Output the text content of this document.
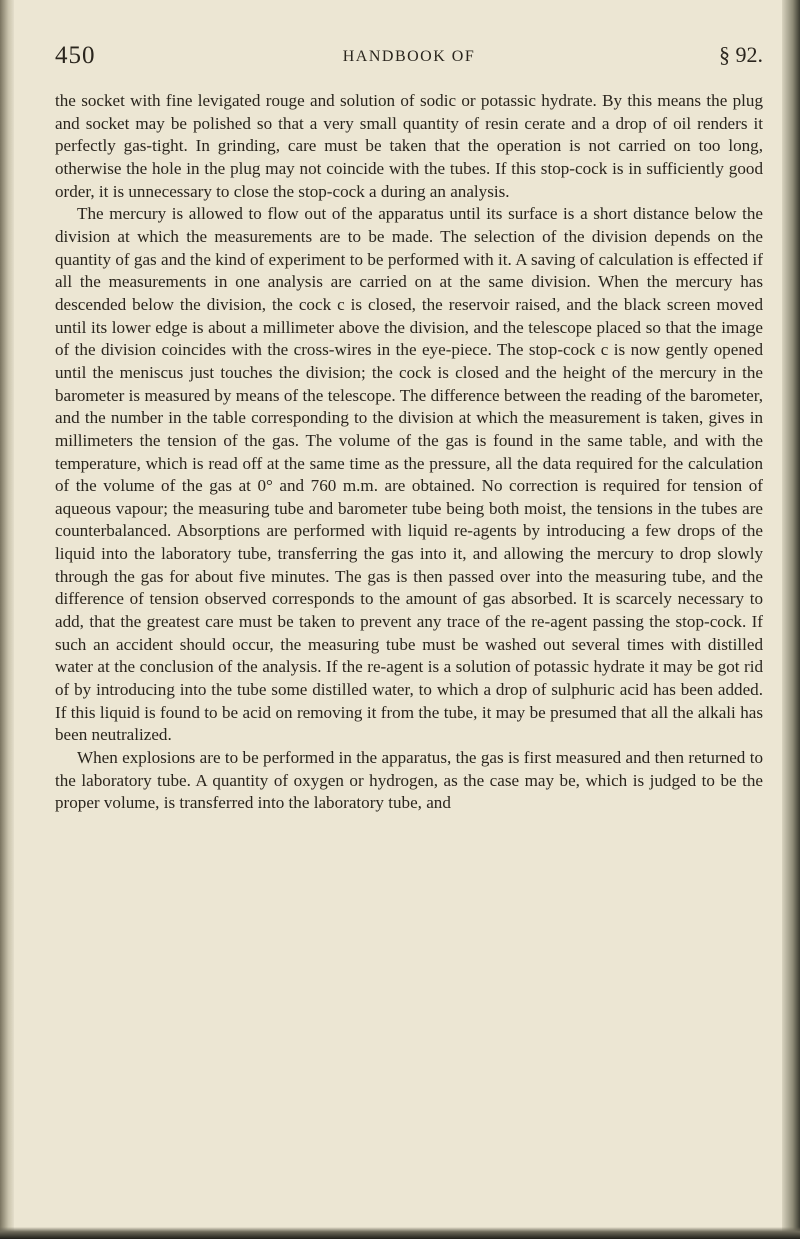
450	HANDBOOK OF	§ 92.

the socket with fine levigated rouge and solution of sodic or potassic hydrate. By this means the plug and socket may be polished so that a very small quantity of resin cerate and a drop of oil renders it perfectly gas-tight. In grinding, care must be taken that the operation is not carried on too long, otherwise the hole in the plug may not coincide with the tubes. If this stop-cock is in sufficiently good order, it is unnecessary to close the stop-cock a during an analysis.

The mercury is allowed to flow out of the apparatus until its surface is a short distance below the division at which the measurements are to be made. The selection of the division depends on the quantity of gas and the kind of experiment to be performed with it. A saving of calculation is effected if all the measurements in one analysis are carried on at the same division. When the mercury has descended below the division, the cock c is closed, the reservoir raised, and the black screen moved until its lower edge is about a millimeter above the division, and the telescope placed so that the image of the division coincides with the cross-wires in the eye-piece. The stop-cock c is now gently opened until the meniscus just touches the division; the cock is closed and the height of the mercury in the barometer is measured by means of the telescope. The difference between the reading of the barometer, and the number in the table corresponding to the division at which the measurement is taken, gives in millimeters the tension of the gas. The volume of the gas is found in the same table, and with the temperature, which is read off at the same time as the pressure, all the data required for the calculation of the volume of the gas at 0° and 760 m.m. are obtained. No correction is required for tension of aqueous vapour; the measuring tube and barometer tube being both moist, the tensions in the tubes are counterbalanced. Absorptions are performed with liquid re-agents by introducing a few drops of the liquid into the laboratory tube, transferring the gas into it, and allowing the mercury to drop slowly through the gas for about five minutes. The gas is then passed over into the measuring tube, and the difference of tension observed corresponds to the amount of gas absorbed. It is scarcely necessary to add, that the greatest care must be taken to prevent any trace of the re-agent passing the stop-cock. If such an accident should occur, the measuring tube must be washed out several times with distilled water at the conclusion of the analysis. If the re-agent is a solution of potassic hydrate it may be got rid of by introducing into the tube some distilled water, to which a drop of sulphuric acid has been added. If this liquid is found to be acid on removing it from the tube, it may be presumed that all the alkali has been neutralized.

When explosions are to be performed in the apparatus, the gas is first measured and then returned to the laboratory tube. A quantity of oxygen or hydrogen, as the case may be, which is judged to be the proper volume, is transferred into the laboratory tube, and
